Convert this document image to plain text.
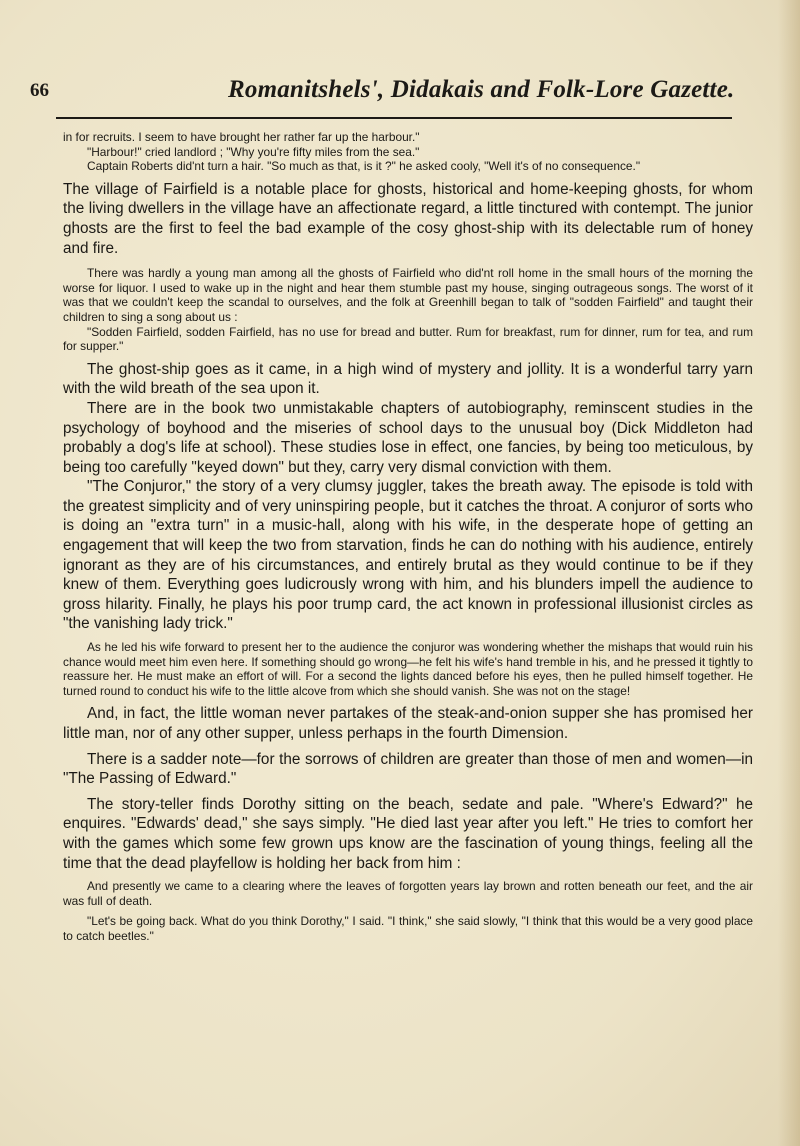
66	Romanitshels', Didakais and Folk-Lore Gazette.

in for recruits. I seem to have brought her rather far up the harbour."

"Harbour!" cried landlord ; "Why you're fifty miles from the sea."

Captain Roberts did'nt turn a hair. "So much as that, is it ?" he asked cooly, "Well it's of no consequence."

The village of Fairfield is a notable place for ghosts, historical and home-keeping ghosts, for whom the living dwellers in the village have an affectionate regard, a little tinctured with contempt. The junior ghosts are the first to feel the bad example of the cosy ghost-ship with its delectable rum of honey and fire.

There was hardly a young man among all the ghosts of Fairfield who did'nt roll home in the small hours of the morning the worse for liquor. I used to wake up in the night and hear them stumble past my house, singing outrageous songs. The worst of it was that we couldn't keep the scandal to ourselves, and the folk at Greenhill began to talk of "sodden Fairfield" and taught their children to sing a song about us :

"Sodden Fairfield, sodden Fairfield, has no use for bread and butter. Rum for breakfast, rum for dinner, rum for tea, and rum for supper."

The ghost-ship goes as it came, in a high wind of mystery and jollity. It is a wonderful tarry yarn with the wild breath of the sea upon it.

There are in the book two unmistakable chapters of autobiography, reminscent studies in the psychology of boyhood and the miseries of school days to the unusual boy (Dick Middleton had probably a dog's life at school). These studies lose in effect, one fancies, by being too meticulous, by being too carefully "keyed down" but they, carry very dismal conviction with them.

"The Conjuror," the story of a very clumsy juggler, takes the breath away. The episode is told with the greatest simplicity and of very uninspiring people, but it catches the throat. A conjuror of sorts who is doing an "extra turn" in a music-hall, along with his wife, in the desperate hope of getting an engagement that will keep the two from starvation, finds he can do nothing with his audience, entirely ignorant as they are of his circumstances, and entirely brutal as they would continue to be if they knew of them. Everything goes ludicrously wrong with him, and his blunders impell the audience to gross hilarity. Finally, he plays his poor trump card, the act known in professional illusionist circles as "the vanishing lady trick."

As he led his wife forward to present her to the audience the conjuror was wondering whether the mishaps that would ruin his chance would meet him even here. If something should go wrong—he felt his wife's hand tremble in his, and he pressed it tightly to reassure her. He must make an effort of will. For a second the lights danced before his eyes, then he pulled himself together. He turned round to conduct his wife to the little alcove from which she should vanish. She was not on the stage!

And, in fact, the little woman never partakes of the steak-and-onion supper she has promised her little man, nor of any other supper, unless perhaps in the fourth Dimension.

There is a sadder note—for the sorrows of children are greater than those of men and women—in "The Passing of Edward."

The story-teller finds Dorothy sitting on the beach, sedate and pale. "Where's Edward?" he enquires. "Edwards' dead," she says simply. "He died last year after you left." He tries to comfort her with the games which some few grown ups know are the fascination of young things, feeling all the time that the dead playfellow is holding her back from him :

And presently we came to a clearing where the leaves of forgotten years lay brown and rotten beneath our feet, and the air was full of death.

"Let's be going back. What do you think Dorothy," I said. "I think," she said slowly, "I think that this would be a very good place to catch beetles."
